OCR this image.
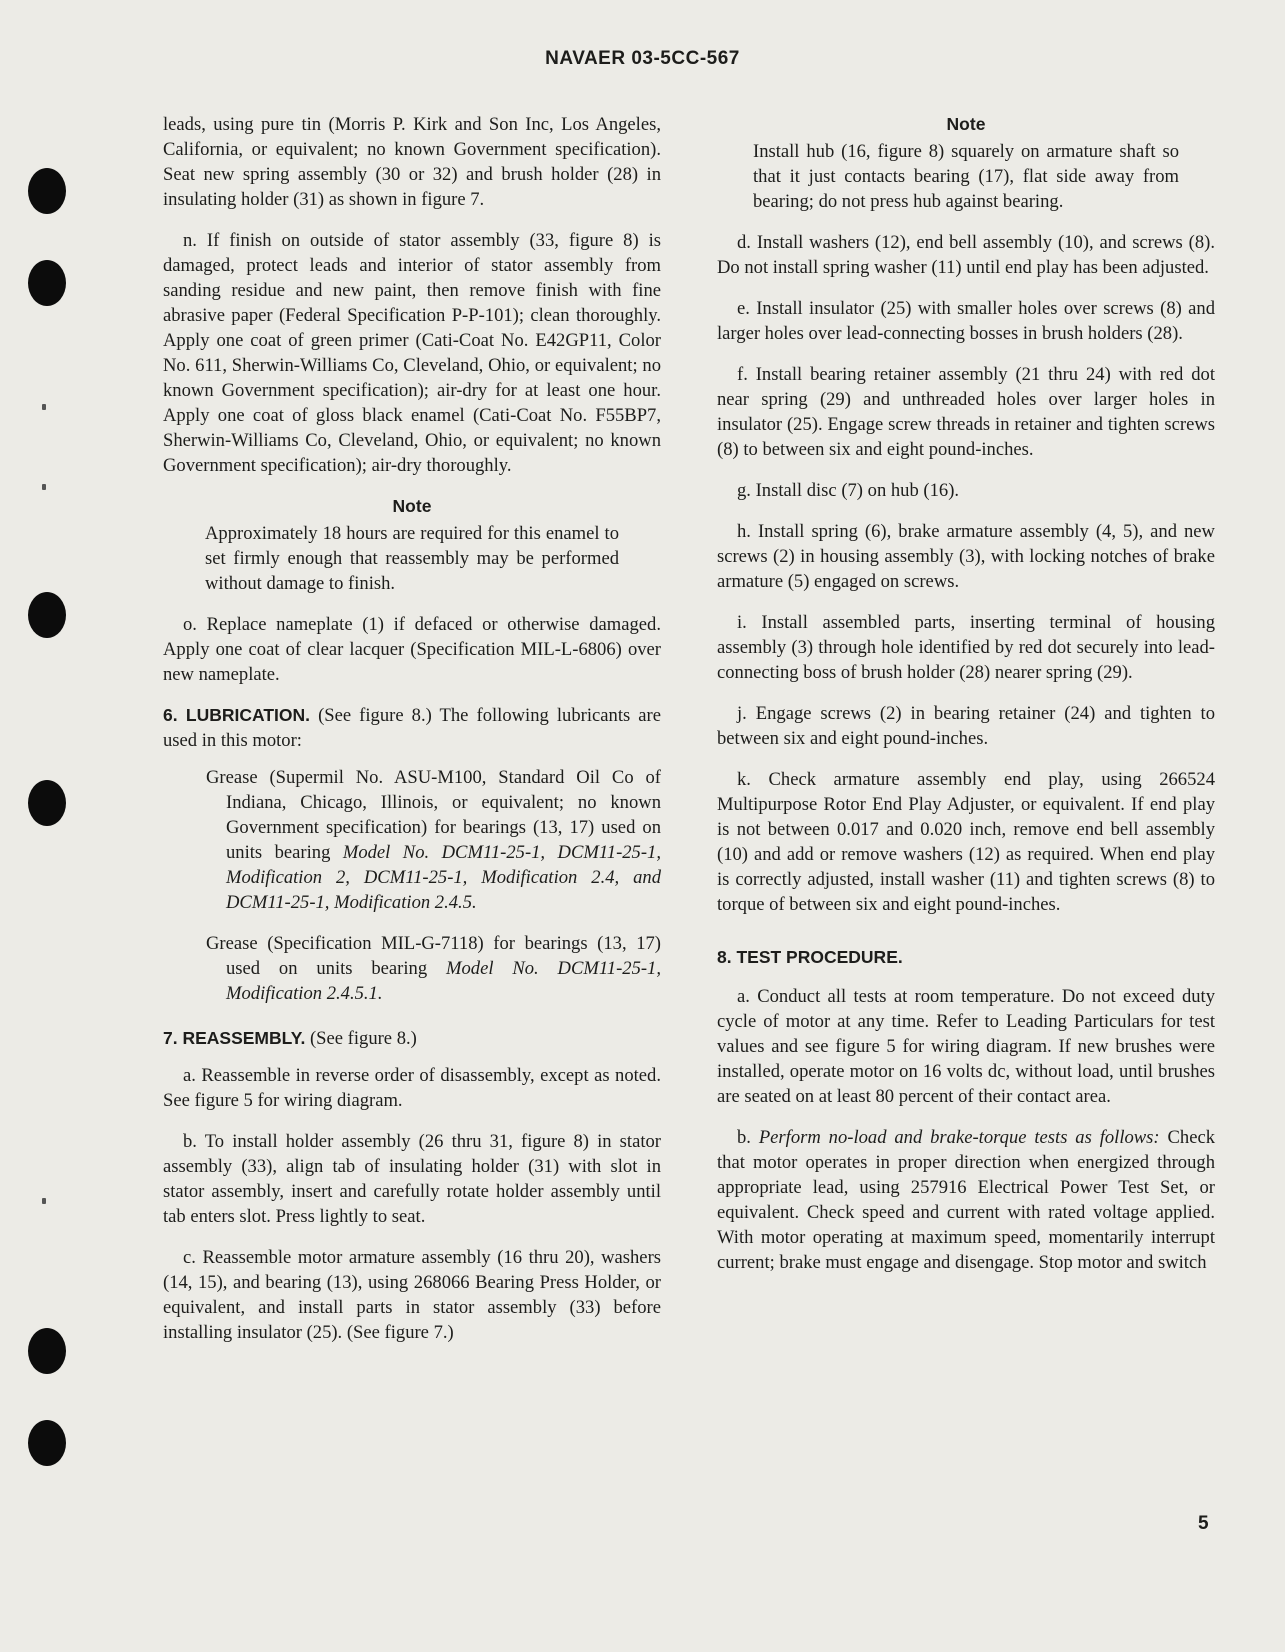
NAVAER 03-5CC-567

leads, using pure tin (Morris P. Kirk and Son Inc, Los Angeles, California, or equivalent; no known Government specification). Seat new spring assembly (30 or 32) and brush holder (28) in insulating holder (31) as shown in figure 7.

n. If finish on outside of stator assembly (33, figure 8) is damaged, protect leads and interior of stator assembly from sanding residue and new paint, then remove finish with fine abrasive paper (Federal Specification P-P-101); clean thoroughly. Apply one coat of green primer (Cati-Coat No. E42GP11, Color No. 611, Sherwin-Williams Co, Cleveland, Ohio, or equivalent; no known Government specification); air-dry for at least one hour. Apply one coat of gloss black enamel (Cati-Coat No. F55BP7, Sherwin-Williams Co, Cleveland, Ohio, or equivalent; no known Government specification); air-dry thoroughly.

Note
Approximately 18 hours are required for this enamel to set firmly enough that reassembly may be performed without damage to finish.

o. Replace nameplate (1) if defaced or otherwise damaged. Apply one coat of clear lacquer (Specification MIL-L-6806) over new nameplate.

6. LUBRICATION. (See figure 8.) The following lubricants are used in this motor:

Grease (Supermil No. ASU-M100, Standard Oil Co of Indiana, Chicago, Illinois, or equivalent; no known Government specification) for bearings (13, 17) used on units bearing Model No. DCM11-25-1, DCM11-25-1, Modification 2, DCM11-25-1, Modification 2.4, and DCM11-25-1, Modification 2.4.5.

Grease (Specification MIL-G-7118) for bearings (13, 17) used on units bearing Model No. DCM11-25-1, Modification 2.4.5.1.

7. REASSEMBLY. (See figure 8.)

a. Reassemble in reverse order of disassembly, except as noted. See figure 5 for wiring diagram.

b. To install holder assembly (26 thru 31, figure 8) in stator assembly (33), align tab of insulating holder (31) with slot in stator assembly, insert and carefully rotate holder assembly until tab enters slot. Press lightly to seat.

c. Reassemble motor armature assembly (16 thru 20), washers (14, 15), and bearing (13), using 268066 Bearing Press Holder, or equivalent, and install parts in stator assembly (33) before installing insulator (25). (See figure 7.)

Note
Install hub (16, figure 8) squarely on armature shaft so that it just contacts bearing (17), flat side away from bearing; do not press hub against bearing.

d. Install washers (12), end bell assembly (10), and screws (8). Do not install spring washer (11) until end play has been adjusted.

e. Install insulator (25) with smaller holes over screws (8) and larger holes over lead-connecting bosses in brush holders (28).

f. Install bearing retainer assembly (21 thru 24) with red dot near spring (29) and unthreaded holes over larger holes in insulator (25). Engage screw threads in retainer and tighten screws (8) to between six and eight pound-inches.

g. Install disc (7) on hub (16).

h. Install spring (6), brake armature assembly (4, 5), and new screws (2) in housing assembly (3), with locking notches of brake armature (5) engaged on screws.

i. Install assembled parts, inserting terminal of housing assembly (3) through hole identified by red dot securely into lead-connecting boss of brush holder (28) nearer spring (29).

j. Engage screws (2) in bearing retainer (24) and tighten to between six and eight pound-inches.

k. Check armature assembly end play, using 266524 Multipurpose Rotor End Play Adjuster, or equivalent. If end play is not between 0.017 and 0.020 inch, remove end bell assembly (10) and add or remove washers (12) as required. When end play is correctly adjusted, install washer (11) and tighten screws (8) to torque of between six and eight pound-inches.

8. TEST PROCEDURE.

a. Conduct all tests at room temperature. Do not exceed duty cycle of motor at any time. Refer to Leading Particulars for test values and see figure 5 for wiring diagram. If new brushes were installed, operate motor on 16 volts dc, without load, until brushes are seated on at least 80 percent of their contact area.

b. Perform no-load and brake-torque tests as follows: Check that motor operates in proper direction when energized through appropriate lead, using 257916 Electrical Power Test Set, or equivalent. Check speed and current with rated voltage applied. With motor operating at maximum speed, momentarily interrupt current; brake must engage and disengage. Stop motor and switch

5
